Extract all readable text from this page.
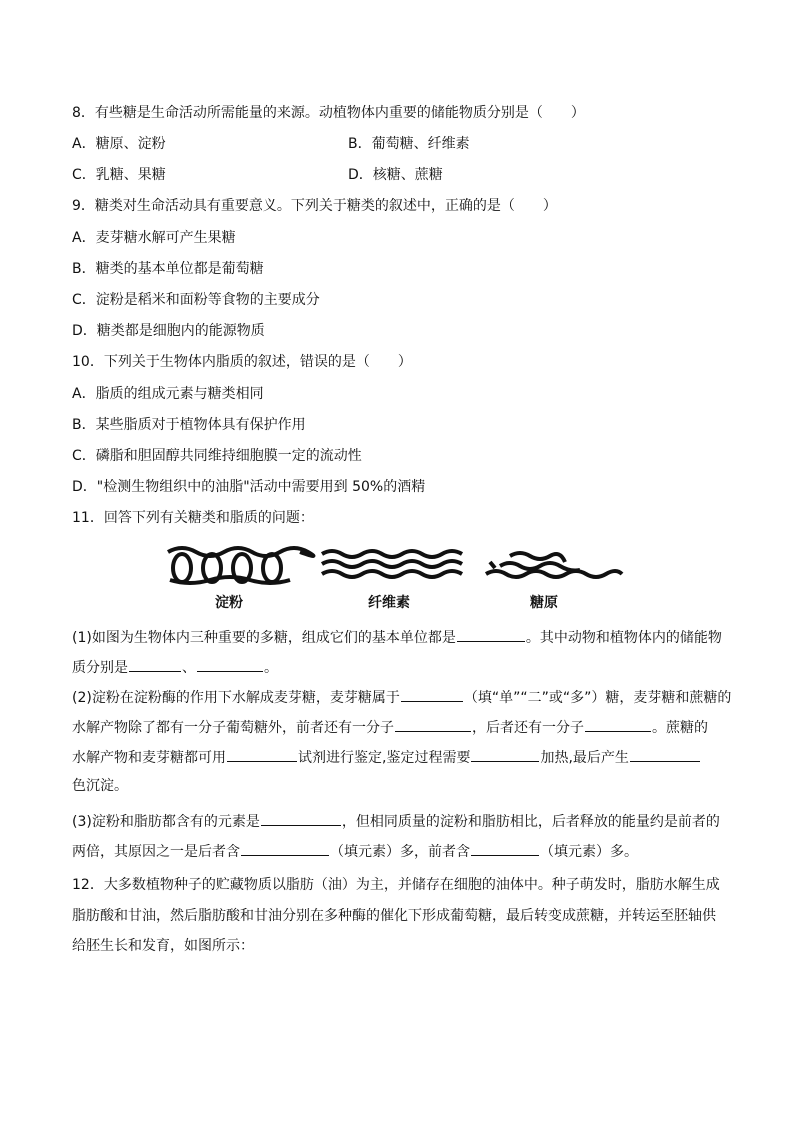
8．有些糖是生命活动所需能量的来源。动植物体内重要的储能物质分别是（　　）
A．糖原、淀粉	B．葡萄糖、纤维素
C．乳糖、果糖	D．核糖、蔗糖
9．糖类对生命活动具有重要意义。下列关于糖类的叙述中，正确的是（　　）
A．麦芽糖水解可产生果糖
B．糖类的基本单位都是葡萄糖
C．淀粉是稻米和面粉等食物的主要成分
D．糖类都是细胞内的能源物质
10．下列关于生物体内脂质的叙述，错误的是（　　）
A．脂质的组成元素与糖类相同
B．某些脂质对于植物体具有保护作用
C．磷脂和胆固醇共同维持细胞膜一定的流动性
D．"检测生物组织中的油脂"活动中需要用到 50%的酒精
11．回答下列有关糖类和脂质的问题：
淀粉	纤维素	糖原
(1)如图为生物体内三种重要的多糖，组成它们的基本单位都是	。其中动物和植物体内的储能物
质分别是	、	。
(2)淀粉在淀粉酶的作用下水解成麦芽糖，麦芽糖属于	（填“单”“二”或“多”）糖，麦芽糖和蔗糖的
水解产物除了都有一分子葡萄糖外，前者还有一分子	，后者还有一分子	。蔗糖的
水解产物和麦芽糖都可用	试剂进行鉴定,鉴定过程需要	加热,最后产生
色沉淀。
(3)淀粉和脂肪都含有的元素是	，但相同质量的淀粉和脂肪相比，后者释放的能量约是前者的
两倍，其原因之一是后者含	（填元素）多，前者含	（填元素）多。
12．大多数植物种子的贮藏物质以脂肪（油）为主，并储存在细胞的油体中。种子萌发时，脂肪水解生成
脂肪酸和甘油，然后脂肪酸和甘油分别在多种酶的催化下形成葡萄糖，最后转变成蔗糖，并转运至胚轴供
给胚生长和发育，如图所示：
